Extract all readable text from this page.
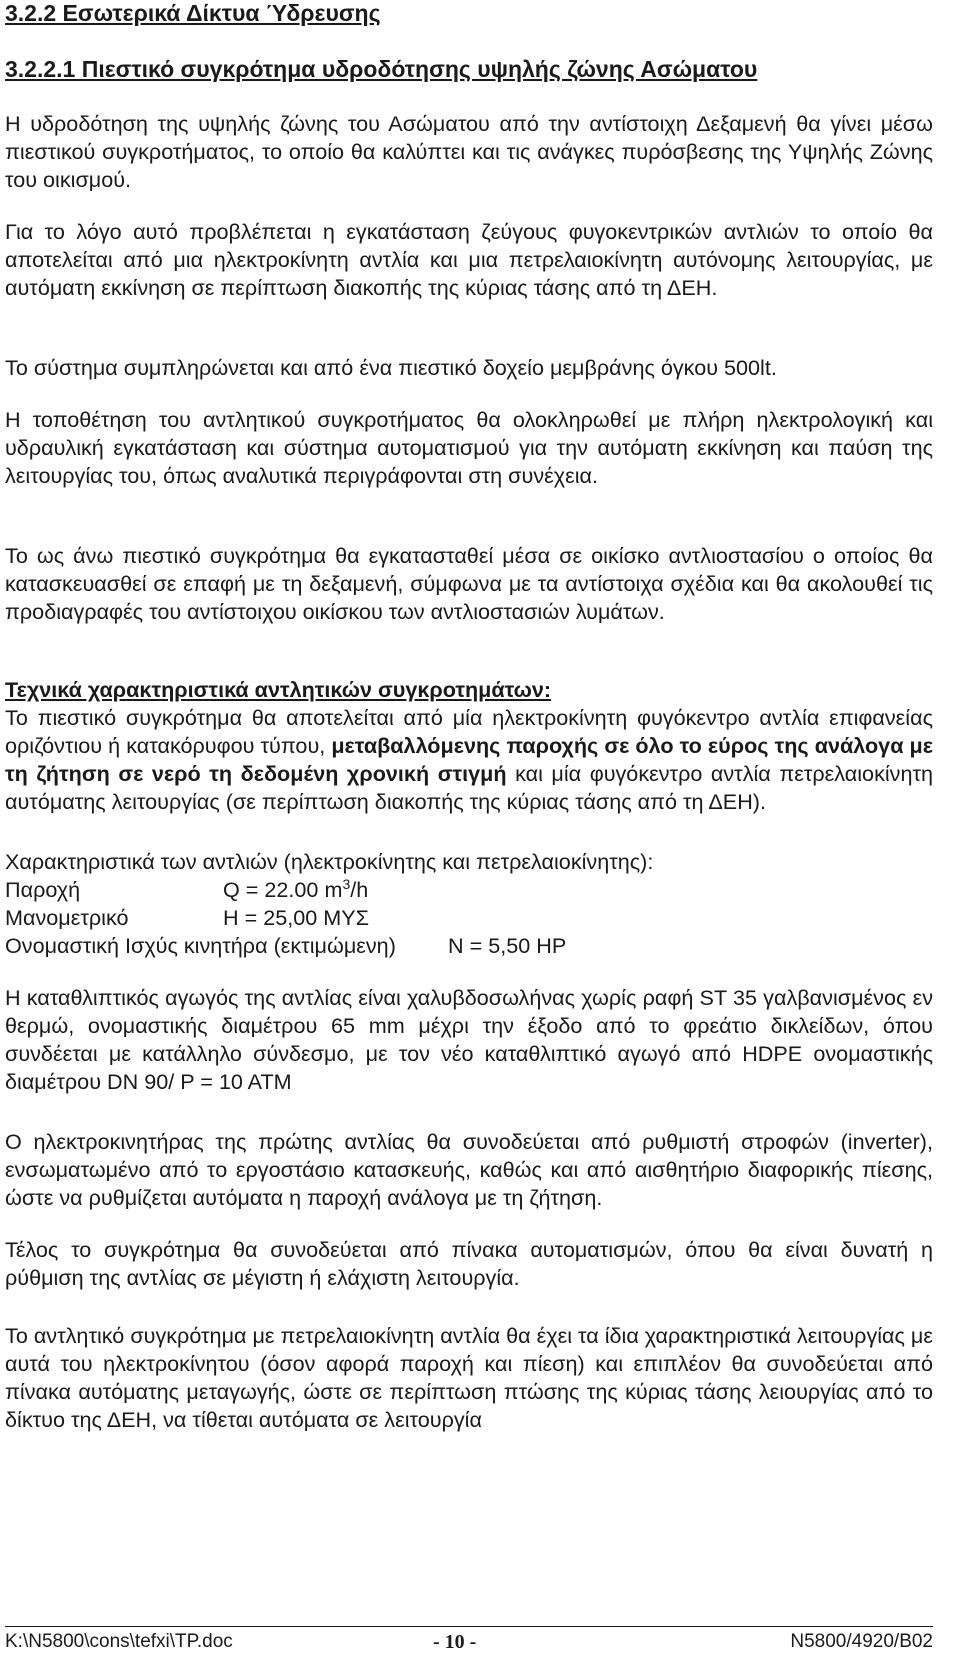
3.2.2 Εσωτερικά Δίκτυα Ύδρευσης
3.2.2.1 Πιεστικό συγκρότημα υδροδότησης υψηλής ζώνης Ασώματου

Η υδροδότηση της υψηλής ζώνης του Ασώματου από την αντίστοιχη Δεξαμενή θα γίνει μέσω πιεστικού συγκροτήματος, το οποίο θα καλύπτει και τις ανάγκες πυρόσβεσης της Υψηλής Ζώνης του οικισμού.

Για το λόγο αυτό προβλέπεται η εγκατάσταση ζεύγους φυγοκεντρικών αντλιών το οποίο θα αποτελείται από μια ηλεκτροκίνητη αντλία και μια πετρελαιοκίνητη αυτόνομης λειτουργίας, με αυτόματη εκκίνηση σε περίπτωση διακοπής της κύριας τάσης από τη ΔΕΗ.

Το σύστημα συμπληρώνεται και από ένα πιεστικό δοχείο μεμβράνης όγκου 500lt.

Η τοποθέτηση του αντλητικού συγκροτήματος θα ολοκληρωθεί με πλήρη ηλεκτρολογική και υδραυλική εγκατάσταση και σύστημα αυτοματισμού για την αυτόματη εκκίνηση και παύση της λειτουργίας του, όπως αναλυτικά περιγράφονται στη συνέχεια.

Το ως άνω πιεστικό συγκρότημα θα εγκατασταθεί μέσα σε οικίσκο αντλιοστασίου ο οποίος θα κατασκευασθεί σε επαφή με τη δεξαμενή, σύμφωνα με τα αντίστοιχα σχέδια και θα ακολουθεί τις προδιαγραφές του αντίστοιχου οικίσκου των αντλιοστασιών λυμάτων.

Τεχνικά χαρακτηριστικά αντλητικών συγκροτημάτων:
Το πιεστικό συγκρότημα θα αποτελείται από μία ηλεκτροκίνητη φυγόκεντρο αντλία επιφανείας οριζόντιου ή κατακόρυφου τύπου, μεταβαλλόμενης παροχής σε όλο το εύρος της ανάλογα με τη ζήτηση σε νερό τη δεδομένη χρονική στιγμή και μία φυγόκεντρο αντλία πετρελαιοκίνητη αυτόματης λειτουργίας (σε περίπτωση διακοπής της κύριας τάσης από τη ΔΕΗ).
Χαρακτηριστικά των αντλιών (ηλεκτροκίνητης και πετρελαιοκίνητης):
Παροχή	Q = 22.00 $m^3/h$
Μανομετρικό	H = 25,00 ΜΥΣ
Ονομαστική Ισχύς κινητήρα (εκτιμώμενη) N = 5,50 HP

Η καταθλιπτικός αγωγός της αντλίας είναι χαλυβδοσωλήνας χωρίς ραφή ST 35 γαλβανισμένος εν θερμώ, ονομαστικής διαμέτρου 65 mm μέχρι την έξοδο από το φρεάτιο δικλείδων, όπου συνδέεται με κατάλληλο σύνδεσμο, με τον νέο καταθλιπτικό αγωγό από HDPE ονομαστικής διαμέτρου DN 90/ P = 10 ATM

Ο ηλεκτροκινητήρας της πρώτης αντλίας θα συνοδεύεται από ρυθμιστή στροφών (inverter), ενσωματωμένο από το εργοστάσιο κατασκευής, καθώς και από αισθητήριο διαφορικής πίεσης, ώστε να ρυθμίζεται αυτόματα η παροχή ανάλογα με τη ζήτηση.

Τέλος το συγκρότημα θα συνοδεύεται από πίνακα αυτοματισμών, όπου θα είναι δυνατή η ρύθμιση της αντλίας σε μέγιστη ή ελάχιστη λειτουργία.

Το αντλητικό συγκρότημα με πετρελαιοκίνητη αντλία θα έχει τα ίδια χαρακτηριστικά λειτουργίας με αυτά του ηλεκτροκίνητου (όσον αφορά παροχή και πίεση) και επιπλέον θα συνοδεύεται από πίνακα αυτόματης μεταγωγής, ώστε σε περίπτωση πτώσης της κύριας τάσης λειουργίας από το δίκτυο της ΔΕΗ, να τίθεται αυτόματα σε λειτουργία

K:\N5800\cons\tefxi\TP.doc	- 10 -	N5800/4920/B02
